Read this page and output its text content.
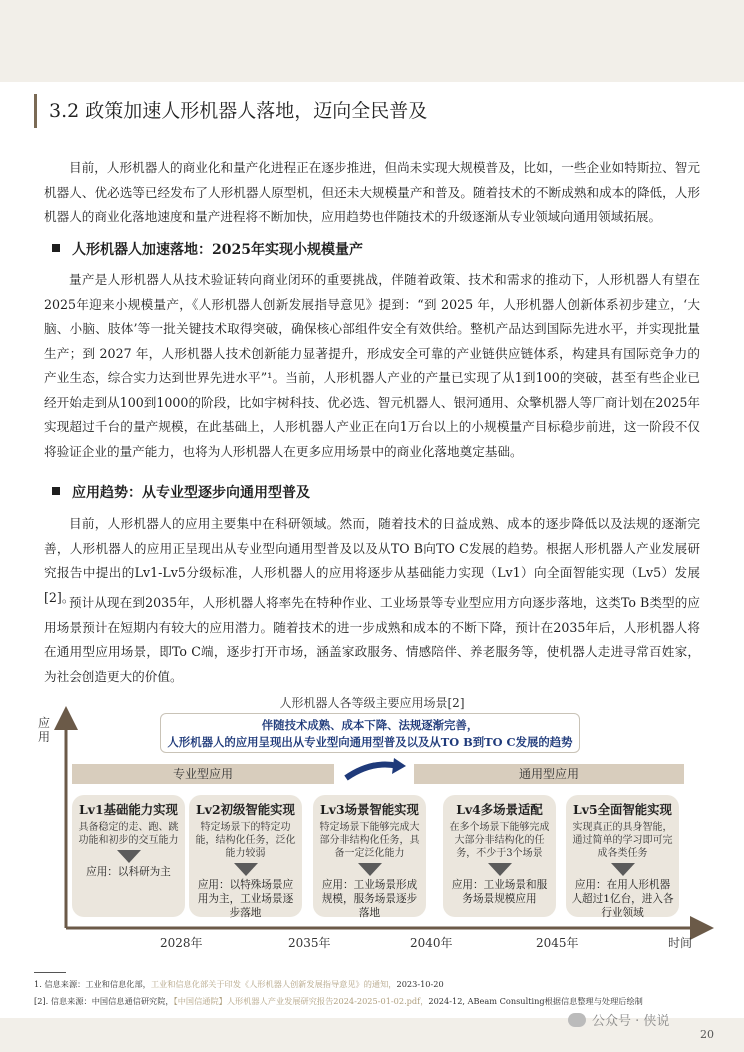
3.2 政策加速人形机器人落地，迈向全民普及

目前，人形机器人的商业化和量产化进程正在逐步推进，但尚未实现大规模普及，比如，一些企业如特斯拉、智元机器人、优必选等已经发布了人形机器人原型机，但还未大规模量产和普及。随着技术的不断成熟和成本的降低，人形机器人的商业化落地速度和量产进程将不断加快，应用趋势也伴随技术的升级逐渐从专业领域向通用领域拓展。

人形机器人加速落地：2025年实现小规模量产

量产是人形机器人从技术验证转向商业闭环的重要挑战，伴随着政策、技术和需求的推动下，人形机器人有望在2025年迎来小规模量产，《人形机器人创新发展指导意见》提到：“到 2025 年，人形机器人创新体系初步建立，‘大脑、小脑、肢体’等一批关键技术取得突破，确保核心部组件安全有效供给。整机产品达到国际先进水平，并实现批量生产；到 2027 年，人形机器人技术创新能力显著提升，形成安全可靠的产业链供应链体系，构建具有国际竞争力的产业生态，综合实力达到世界先进水平”¹。当前，人形机器人产业的产量已实现了从1到100的突破，甚至有些企业已经开始走到从100到1000的阶段，比如宇树科技、优必选、智元机器人、银河通用、众擎机器人等厂商计划在2025年实现超过千台的量产规模，在此基础上，人形机器人产业正在向1万台以上的小规模量产目标稳步前进，这一阶段不仅将验证企业的量产能力，也将为人形机器人在更多应用场景中的商业化落地奠定基础。

应用趋势：从专业型逐步向通用型普及

目前，人形机器人的应用主要集中在科研领域。然而，随着技术的日益成熟、成本的逐步降低以及法规的逐渐完善，人形机器人的应用正呈现出从专业型向通用型普及以及从TO B向TO C发展的趋势。根据人形机器人产业发展研究报告中提出的Lv1-Lv5分级标准，人形机器人的应用将逐步从基础能力实现（Lv1）向全面智能实现（Lv5）发展[2]。

预计从现在到2035年，人形机器人将率先在特种作业、工业场景等专业型应用方向逐步落地，这类To B类型的应用场景预计在短期内有较大的应用潜力。随着技术的进一步成熟和成本的不断下降，预计在2035年后，人形机器人将在通用型应用场景，即To C端，逐步打开市场，涵盖家政服务、情感陪伴、养老服务等，使机器人走进寻常百姓家，为社会创造更大的价值。

人形机器人各等级主要应用场景[2]
应用
伴随技术成熟、成本下降、法规逐渐完善，
人形机器人的应用呈现出从专业型向通用型普及以及从TO B到TO C发展的趋势
专业型应用	通用型应用
Lv1基础能力实现
具备稳定的走、跑、跳功能和初步的交互能力
应用：以科研为主
Lv2初级智能实现
特定场景下的特定功能，结构化任务，泛化能力较弱
应用：以特殊场景应用为主，工业场景逐步落地
Lv3场景智能实现
特定场景下能够完成大部分非结构化任务，具备一定泛化能力
应用：工业场景形成规模，服务场景逐步落地
Lv4多场景适配
在多个场景下能够完成大部分非结构化的任务，不少于3个场景
应用：工业场景和服务场景规模应用
Lv5全面智能实现
实现真正的具身智能，通过简单的学习即可完成各类任务
应用：在用人形机器人超过1亿台，进入各行业领域
2028年	2035年	2040年	2045年	时间
1. 信息来源：工业和信息化部，工业和信息化部关于印发《人形机器人创新发展指导意见》的通知，2023-10-20
[2]. 信息来源：中国信息通信研究院，【中国信通院】人形机器人产业发展研究报告2024-2025-01-02.pdf，2024-12, ABeam Consulting根据信息整理与处理后绘制
公众号 · 侠说
20
